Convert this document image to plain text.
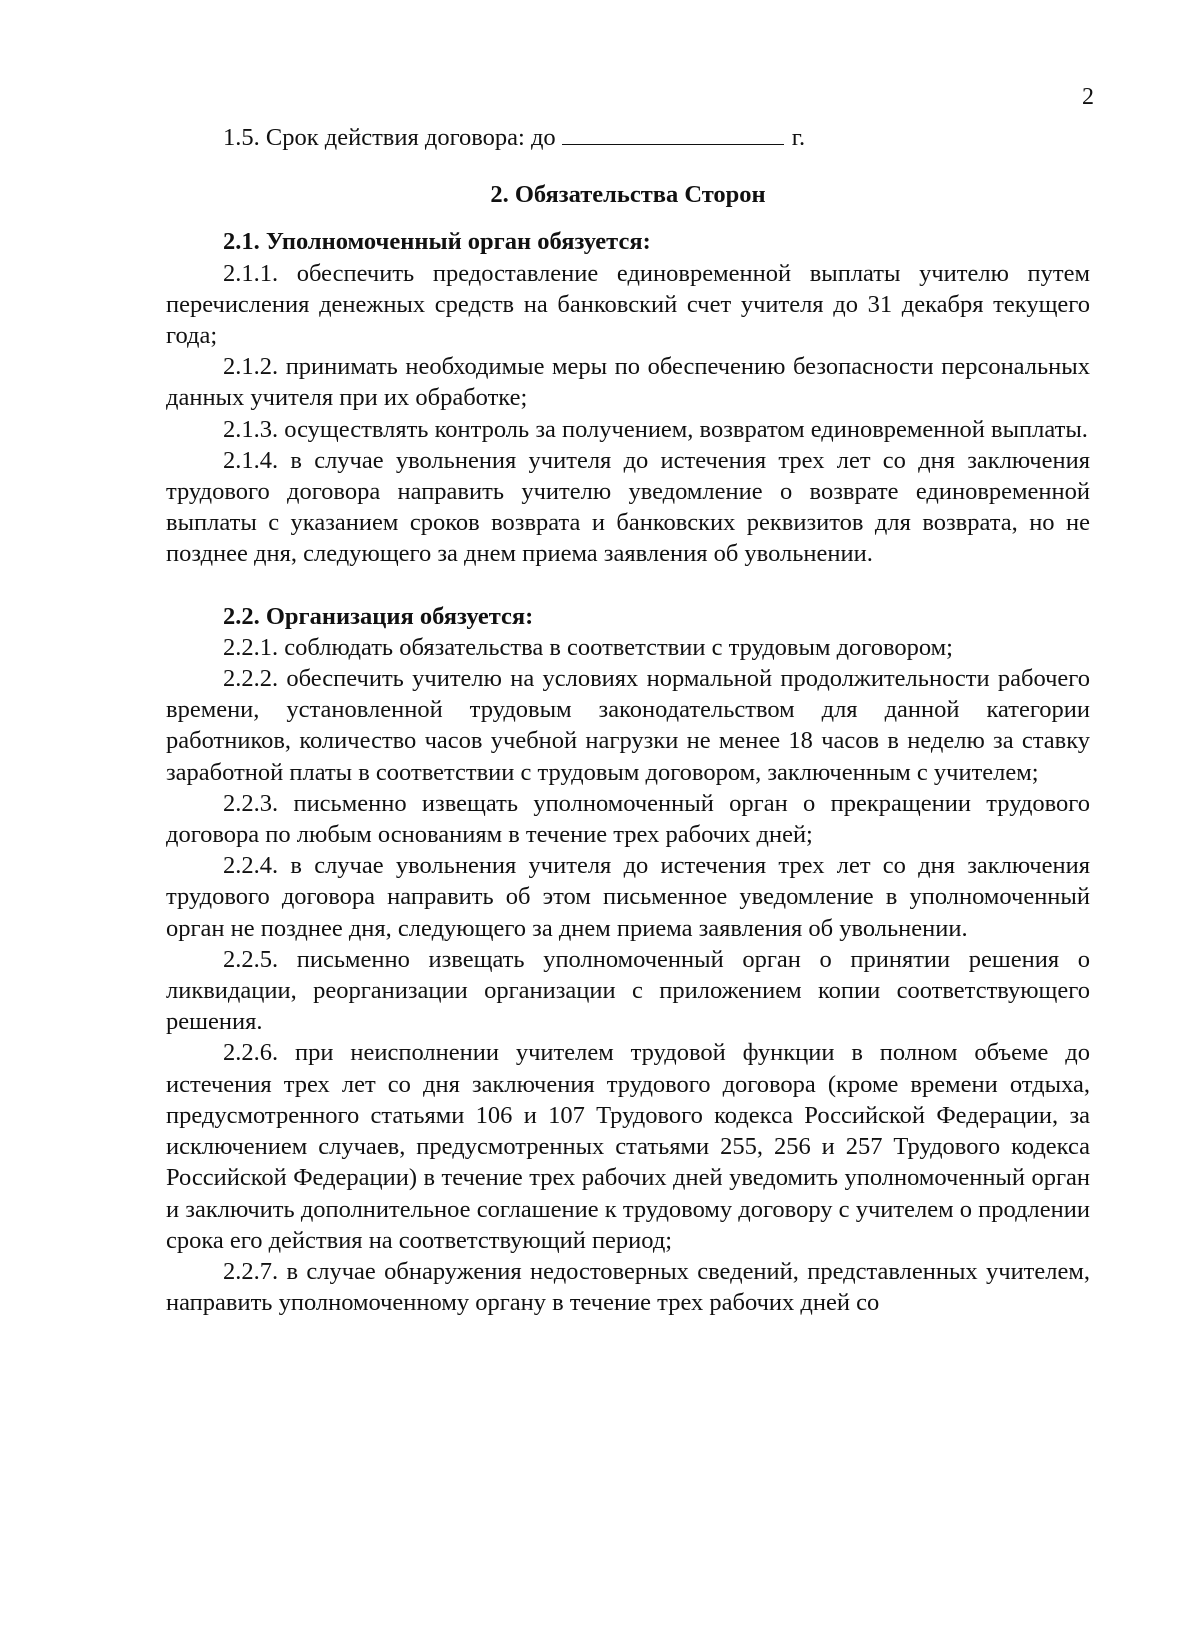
2

1.5. Срок действия договора: до	г.

2. Обязательства Сторон

2.1. Уполномоченный орган обязуется:

2.1.1. обеспечить предоставление единовременной выплаты учителю путем перечисления денежных средств на банковский счет учителя до 31 декабря текущего года;

2.1.2. принимать необходимые меры по обеспечению безопасности персональных данных учителя при их обработке;

2.1.3. осуществлять контроль за получением, возвратом единовременной выплаты.

2.1.4. в случае увольнения учителя до истечения трех лет со дня заключения трудового договора направить учителю уведомление о возврате единовременной выплаты с указанием сроков возврата и банковских реквизитов для возврата, но не позднее дня, следующего за днем приема заявления об увольнении.

2.2. Организация обязуется:

2.2.1. соблюдать обязательства в соответствии с трудовым договором;

2.2.2. обеспечить учителю на условиях нормальной продолжительности рабочего времени, установленной трудовым законодательством для данной категории работников, количество часов учебной нагрузки не менее 18 часов в неделю за ставку заработной платы в соответствии с трудовым договором, заключенным с учителем;

2.2.3. письменно извещать уполномоченный орган о прекращении трудового договора по любым основаниям в течение трех рабочих дней;

2.2.4. в случае увольнения учителя до истечения трех лет со дня заключения трудового договора направить об этом письменное уведомление в уполномоченный орган не позднее дня, следующего за днем приема заявления об увольнении.

2.2.5. письменно извещать уполномоченный орган о принятии решения о ликвидации, реорганизации организации с приложением копии соответствующего решения.

2.2.6. при неисполнении учителем трудовой функции в полном объеме до истечения трех лет со дня заключения трудового договора (кроме времени отдыха, предусмотренного статьями 106 и 107 Трудового кодекса Российской Федерации, за исключением случаев, предусмотренных статьями 255, 256 и 257 Трудового кодекса Российской Федерации) в течение трех рабочих дней уведомить уполномоченный орган и заключить дополнительное соглашение к трудовому договору с учителем о продлении срока его действия на соответствующий период;

2.2.7. в случае обнаружения недостоверных сведений, представленных учителем, направить уполномоченному органу в течение трех рабочих дней со
